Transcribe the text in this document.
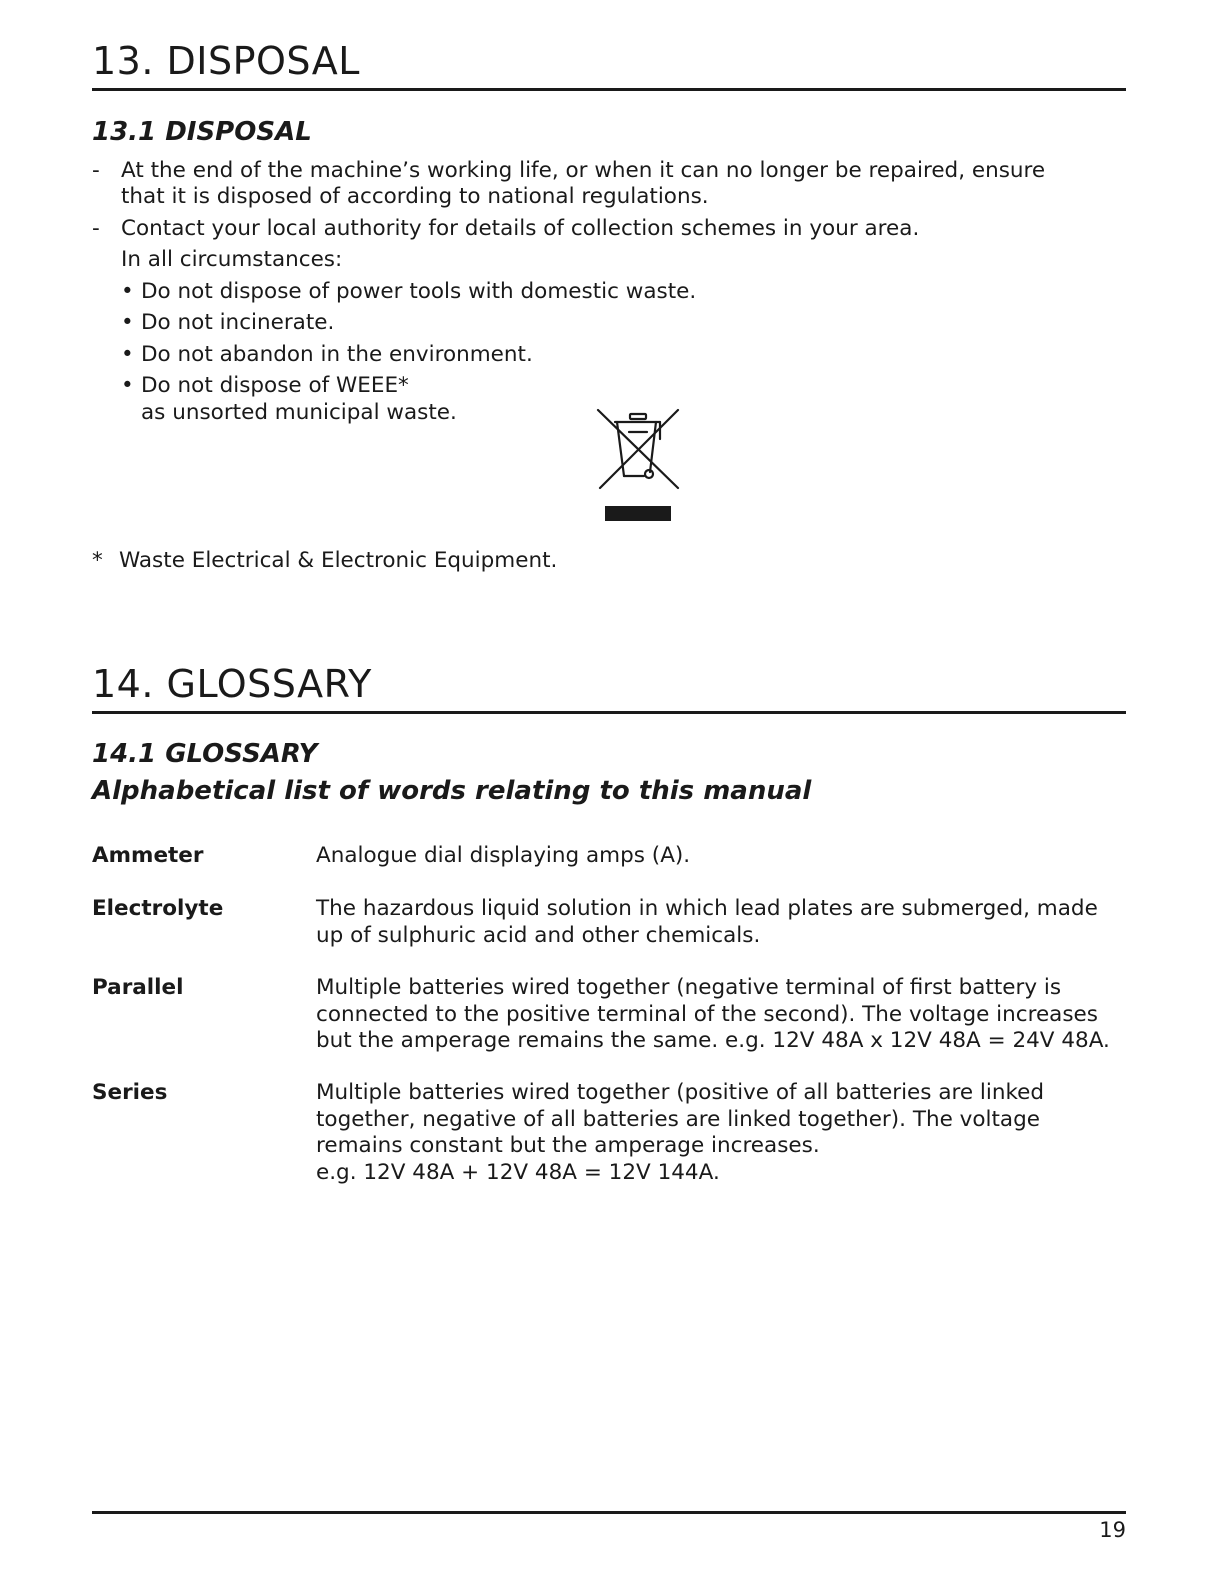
13. DISPOSAL
13.1 DISPOSAL
- At the end of the machine’s working life, or when it can no longer be repaired, ensure that it is disposed of according to national regulations.
- Contact your local authority for details of collection schemes in your area.
In all circumstances:
• Do not dispose of power tools with domestic waste.
• Do not incinerate.
• Do not abandon in the environment.
• Do not dispose of WEEE*
as unsorted municipal waste.
* Waste Electrical & Electronic Equipment.
14. GLOSSARY
14.1 GLOSSARY
Alphabetical list of words relating to this manual
Ammeter	Analogue dial displaying amps (A).
Electrolyte	The hazardous liquid solution in which lead plates are submerged, made up of sulphuric acid and other chemicals.
Parallel	Multiple batteries wired together (negative terminal of first battery is connected to the positive terminal of the second). The voltage increases but the amperage remains the same. e.g. 12V 48A x 12V 48A = 24V 48A.
Series	Multiple batteries wired together (positive of all batteries are linked together, negative of all batteries are linked together). The voltage remains constant but the amperage increases.
e.g. 12V 48A + 12V 48A = 12V 144A.
19
